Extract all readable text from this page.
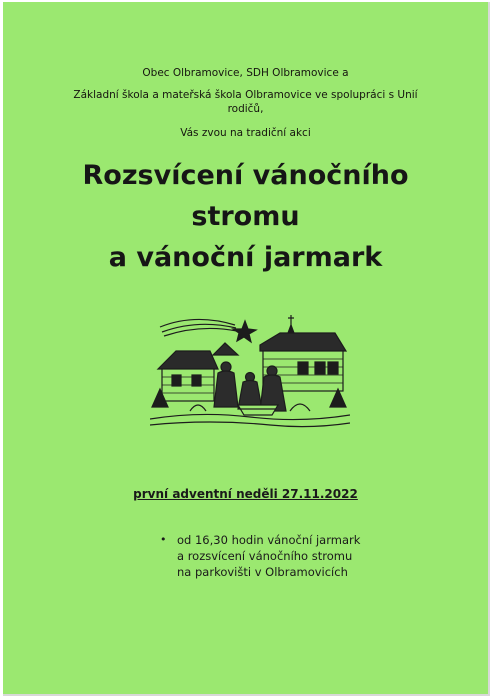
Obec Olbramovice, SDH Olbramovice a
Základní škola a mateřská škola Olbramovice ve spolupráci s Unií
rodičů,
Vás zvou na tradiční akci
Rozsvícení vánočního
stromu
a vánoční jarmark
první adventní neděli 27.11.2022
• od 16,30 hodin vánoční jarmark
a rozsvícení vánočního stromu
na parkovišti v Olbramovicích
